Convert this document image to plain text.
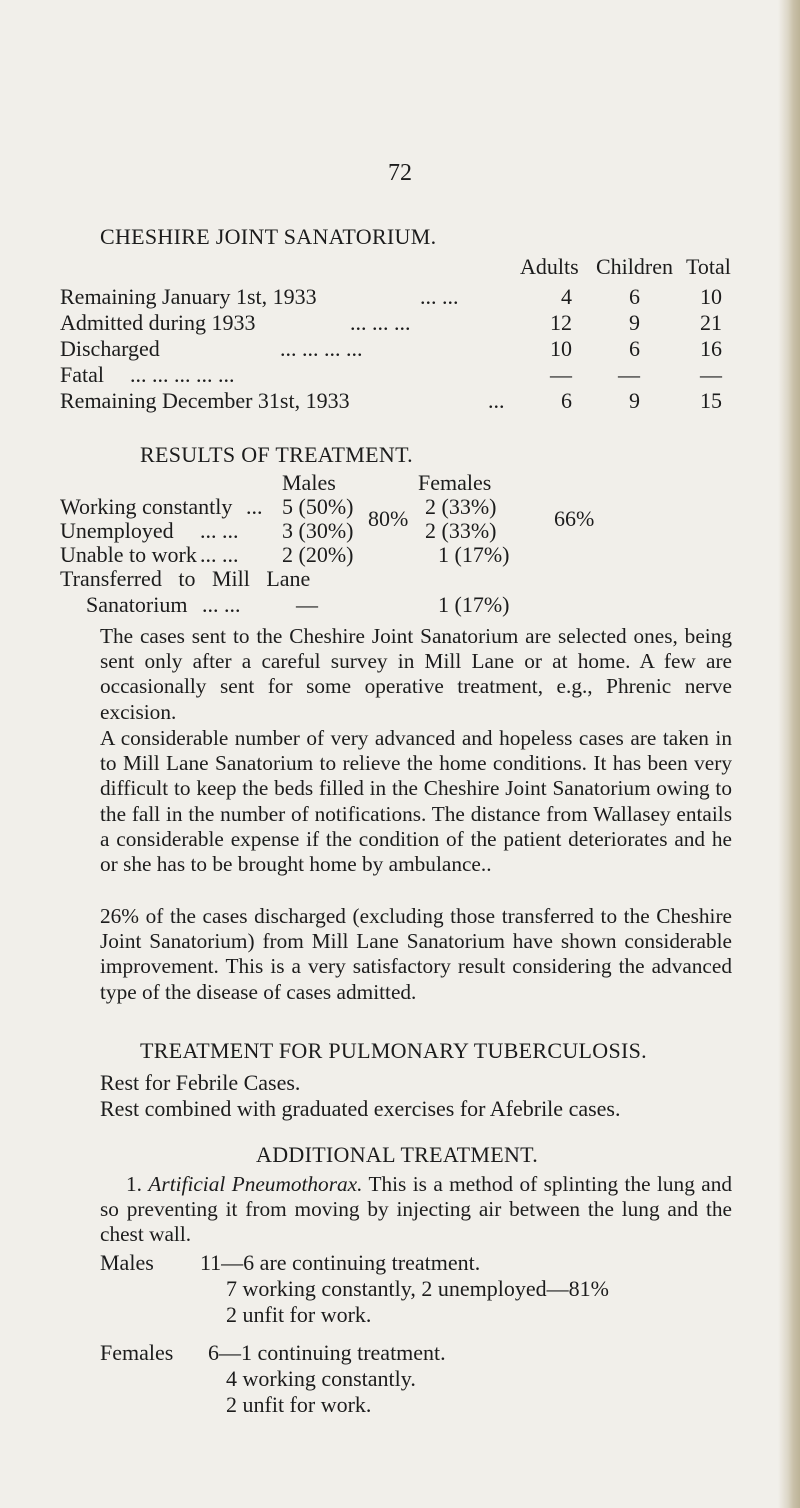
72
CHESHIRE JOINT SANATORIUM.
Adults Children Total
Remaining January 1st, 1933	... ...	4	6	10
Admitted during 1933	... ... ...	12	9	21
Discharged	... ... ... ...	10	6	16
Fatal ... ... ... ... ...	—	—	—
Remaining December 31st, 1933	...	6	9	15
RESULTS OF TREATMENT.
Males	Females
Working constantly ... 5 (50%)	2 (33%)
Unemployed ... ... 3 (30%)	2 (33%)
Unable to work ... ... 2 (20%)	1 (17%)
Transferred to Mill Lane
Sanatorium ... ...	—	1 (17%)
80%	66%

The cases sent to the Cheshire Joint Sanatorium are selected ones, being sent only after a careful survey in Mill Lane or at home. A few are occasionally sent for some operative treatment, e.g., Phrenic nerve excision.

A considerable number of very advanced and hopeless cases are taken in to Mill Lane Sanatorium to relieve the home conditions. It has been very difficult to keep the beds filled in the Cheshire Joint Sanatorium owing to the fall in the number of notifications. The distance from Wallasey entails a considerable expense if the condition of the patient deteriorates and he or she has to be brought home by ambulance..

26% of the cases discharged (excluding those transferred to the Cheshire Joint Sanatorium) from Mill Lane Sanatorium have shown considerable improvement. This is a very satisfactory result considering the advanced type of the disease of cases admitted.

TREATMENT FOR PULMONARY TUBERCULOSIS.
Rest for Febrile Cases.
Rest combined with graduated exercises for Afebrile cases.
ADDITIONAL TREATMENT.

1. Artificial Pneumothorax. This is a method of splinting the lung and so preventing it from moving by injecting air between the lung and the chest wall.

Males 11—6 are continuing treatment.
7 working constantly, 2 unemployed—81%
2 unfit for work.
Females 6—1 continuing treatment.
4 working constantly.
2 unfit for work.
